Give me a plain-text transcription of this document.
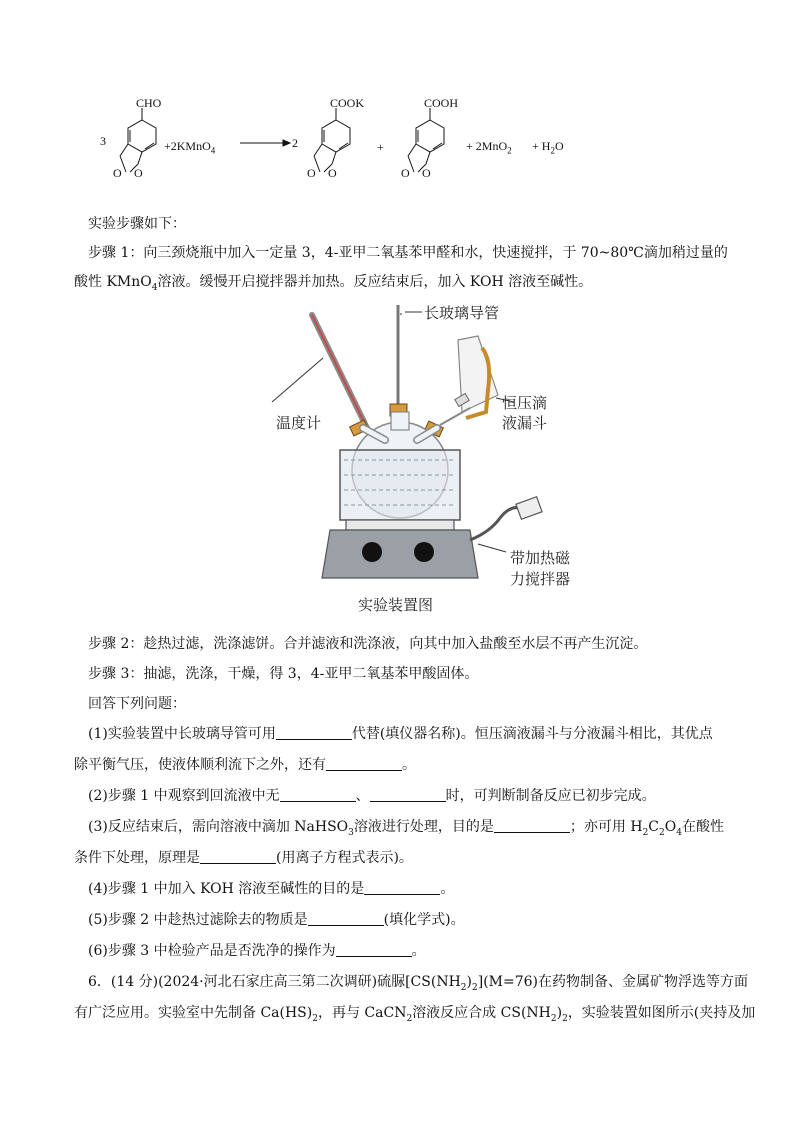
CHO
3
O O
+2KMnO$_4$
2
COOK
O O
+
COOH
O O
+ $2MnO_2 + H_2O$
实验步骤如下：
步骤 1：向三颈烧瓶中加入一定量 3，4-亚甲二氧基苯甲醛和水，快速搅拌，于 70~80℃滴加稍过量的
酸性 KMnO$_4$溶液。缓慢开启搅拌器并加热。反应结束后，加入 KOH 溶液至碱性。
长玻璃导管
温度计
恒压滴
液漏斗
带加热磁
力搅拌器
实验装置图
步骤 2：趁热过滤，洗涤滤饼。合并滤液和洗涤液，向其中加入盐酸至水层不再产生沉淀。
步骤 3：抽滤，洗涤，干燥，得 3，4-亚甲二氧基苯甲酸固体。
回答下列问题：
(1)实验装置中长玻璃导管可用	代替(填仪器名称)。恒压滴液漏斗与分液漏斗相比，其优点
除平衡气压，使液体顺利流下之外，还有	。
(2)步骤 1 中观察到回流液中无	、	时，可判断制备反应已初步完成。
(3)反应结束后，需向溶液中滴加 NaHSO$_3$溶液进行处理，目的是	；亦可用 $H_2C_2O_4$在酸性
条件下处理，原理是	(用离子方程式表示)。
(4)步骤 1 中加入 KOH 溶液至碱性的目的是	。
(5)步骤 2 中趁热过滤除去的物质是	(填化学式)。
(6)步骤 3 中检验产品是否洗净的操作为	。
6．(14 分)(2024·河北石家庄高三第二次调研)硫脲$[CS(NH_2)_2](M=76)$在药物制备、金属矿物浮选等方面
有广泛应用。实验室中先制备 $Ca(HS)_2$，再与 CaCN$_2$溶液反应合成 $CS(NH_2)_2$，实验装置如图所示(夹持及加
